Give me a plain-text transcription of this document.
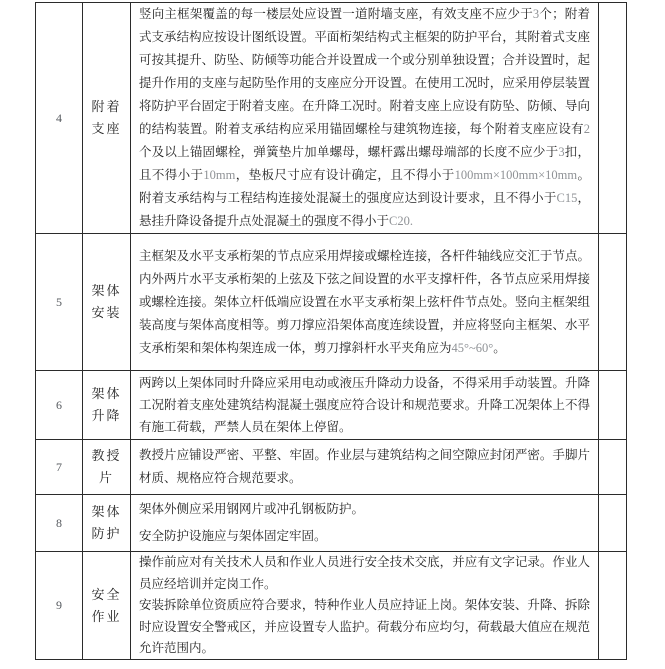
4
附着支座
竖向主框架覆盖的每一楼层处应设置一道附墙支座，有效支座不应少于3个；附着式支承结构应按设计图纸设置。平面桁架结构式主框架的防护平台，其附着式支座可按其提升、防坠、防倾等功能合并设置成一个或分别单独设置；合并设置时，起提升作用的支座与起防坠作用的支座应分开设置。在使用工况时，应采用停层装置将防护平台固定于附着支座。在升降工况时。附着支座上应设有防坠、防倾、导向的结构装置。附着支承结构应采用锚固螺栓与建筑物连接，每个附着支座应设有2个及以上锚固螺栓，弹簧垫片加单螺母，螺杆露出螺母端部的长度不应少于3扣，且不得小于10mm，垫板尺寸应有设计确定，且不得小于100mm×100mm×10mm。附着支承结构与工程结构连接处混凝土的强度应达到设计要求，且不得小于C15，悬挂升降设备提升点处混凝土的强度不得小于C20.
5
架体安装
主框架及水平支承桁架的节点应采用焊接或螺栓连接，各杆件轴线应交汇于节点。内外两片水平支承桁架的上弦及下弦之间设置的水平支撑杆件，各节点应采用焊接或螺栓连接。架体立杆低端应设置在水平支承桁架上弦杆件节点处。竖向主框架组装高度与架体高度相等。剪刀撑应沿架体高度连续设置，并应将竖向主框架、水平支承桁架和架体构架连成一体，剪刀撑斜杆水平夹角应为45°~60°。
6
架体升降
两跨以上架体同时升降应采用电动或液压升降动力设备，不得采用手动装置。升降工况附着支座处建筑结构混凝土强度应符合设计和规范要求。升降工况架体上不得有施工荷载，严禁人员在架体上停留。
7
教授片
教授片应铺设严密、平整、牢固。作业层与建筑结构之间空隙应封闭严密。手脚片材质、规格应符合规范要求。
8
架体防护
架体外侧应采用钢网片或冲孔钢板防护。
安全防护设施应与架体固定牢固。
9
安全作业
操作前应对有关技术人员和作业人员进行安全技术交底，并应有文字记录。作业人员应经培训并定岗工作。
安装拆除单位资质应符合要求，特种作业人员应持证上岗。架体安装、升降、拆除时应设置安全警戒区，并应设置专人监护。荷载分布应均匀，荷载最大值应在规范允许范围内。
